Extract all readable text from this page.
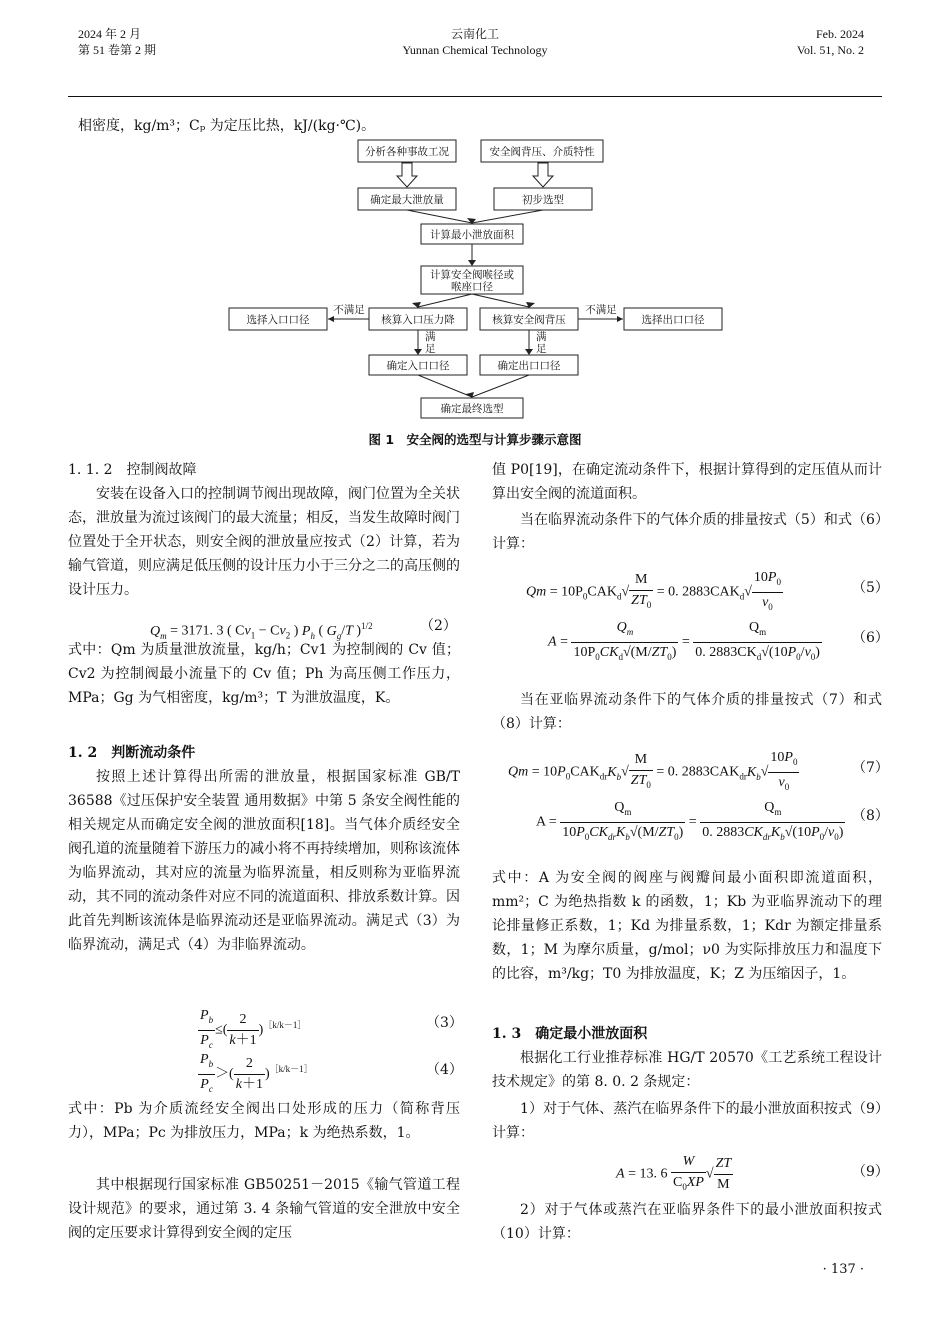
2024 年 2 月
第 51 卷第 2 期
云南化工
Yunnan Chemical Technology
Feb. 2024
Vol. 51, No. 2
相密度，kg/m³；Cₚ 为定压比热，kJ/(kg·℃)。
分析各种事故工况	安全阀背压、介质特性
确定最大泄放量	初步选型
计算最小泄放面积
计算安全阀喉径或
喉座口径
核算入口压力降	核算安全阀背压
选择入口口径	选择出口口径
确定入口口径	确定出口口径
确定最终选型
不满足	不满足
满足
满足
图 1　安全阀的选型与计算步骤示意图
1. 1. 2　控制阀故障
安装在设备入口的控制调节阀出现故障，阀门位置为全关状态，泄放量为流过该阀门的最大流量；相反，当发生故障时阀门位置处于全开状态，则安全阀的泄放量应按式（2）计算，若为输气管道，则应满足低压侧的设计压力小于三分之二的高压侧的设计压力。
$Q_m = 3171$. 3 ( $Cv_1 - Cv_2$ ) $P_h$ ( $G_g/T$ )$^{1/2}$	（2）
式中：Qm 为质量泄放流量，kg/h；Cv1 为控制阀的 Cv 值；Cv2 为控制阀最小流量下的 Cv 值；Ph 为高压侧工作压力，MPa；Gg 为气相密度，kg/m³；T 为泄放温度，K。
1. 2　判断流动条件
按照上述计算得出所需的泄放量，根据国家标准 GB/T 36588《过压保护安全装置 通用数据》中第 5 条安全阀性能的相关规定从而确定安全阀的泄放面积[18]。当气体介质经安全阀孔道的流量随着下游压力的减小将不再持续增加，则称该流体为临界流动，其对应的流量为临界流量，相反则称为亚临界流动，其不同的流动条件对应不同的流道面积、排放系数计算。因此首先判断该流体是临界流动还是亚临界流动。满足式（3）为临界流动，满足式（4）为非临界流动。
$\frac{P_b}{P_c}$ ≤( $\frac{2}{k+1} )^{[k/k-1]}$	（3）
$\frac{P_b}{P_c}$ ＞( $\frac{2}{k+1} )^{[k/k-1]}$	（4）
式中：Pb 为介质流经安全阀出口处形成的压力（简称背压力），MPa；Pc 为排放压力，MPa；k 为绝热系数，1。
其中根据现行国家标准 GB50251－2015《输气管道工程设计规范》的要求，通过第 3. 4 条输气管道的安全泄放中安全阀的定压要求计算得到安全阀的定压
值 P0[19]，在确定流动条件下，根据计算得到的定压值从而计算出安全阀的流道面积。
当在临界流动条件下的气体介质的排量按式（5）和式（6）计算：
$Qm = 10P_0CAK_d√ \frac{M}{ZT_0} = 0$. $2883CAK_d√ \frac{10P_0}{\nu_0}$	（5）
$A = \frac{Q_m}{10P_0CK_d√(M/ZT_0)} = \frac{Q_m}{0. 2883CK_d√(10P_0/\nu_0)} (6)$
当在亚临界流动条件下的气体介质的排量按式（7）和式（8）计算：
$Qm = 10P_0CAK_{dr}K_b√ \frac{M}{ZT_0} = 0$. $2883CAK_{dr}K_b√ \frac{10P_0}{\nu_0}$	（7）
$A = \frac{Q_m}{10P_0CK_{dr}K_b√(M/ZT_0)} = \frac{Q_m}{0. 2883CK_{dr}K_b√(10P_0/\nu_0)} (8)$
式中：A 为安全阀的阀座与阀瓣间最小面积即流道面积，mm²；C 为绝热指数 k 的函数，1；Kb 为亚临界流动下的理论排量修正系数，1；Kd 为排量系数，1；Kdr 为额定排量系数，1；M 为摩尔质量，g/mol；ν0 为实际排放压力和温度下的比容，m³/kg；T0 为排放温度，K；Z 为压缩因子，1。
1. 3　确定最小泄放面积
根据化工行业推荐标准 HG/T 20570《工艺系统工程设计技术规定》的第 8. 0. 2 条规定：
1）对于气体、蒸汽在临界条件下的最小泄放面积按式（9）计算：
A = 13. $6 \frac{W}{C_0XP}$ √ $\frac{ZT}{M}$	（9）
2）对于气体或蒸汽在亚临界条件下的最小泄放面积按式（10）计算：
· 137 ·
